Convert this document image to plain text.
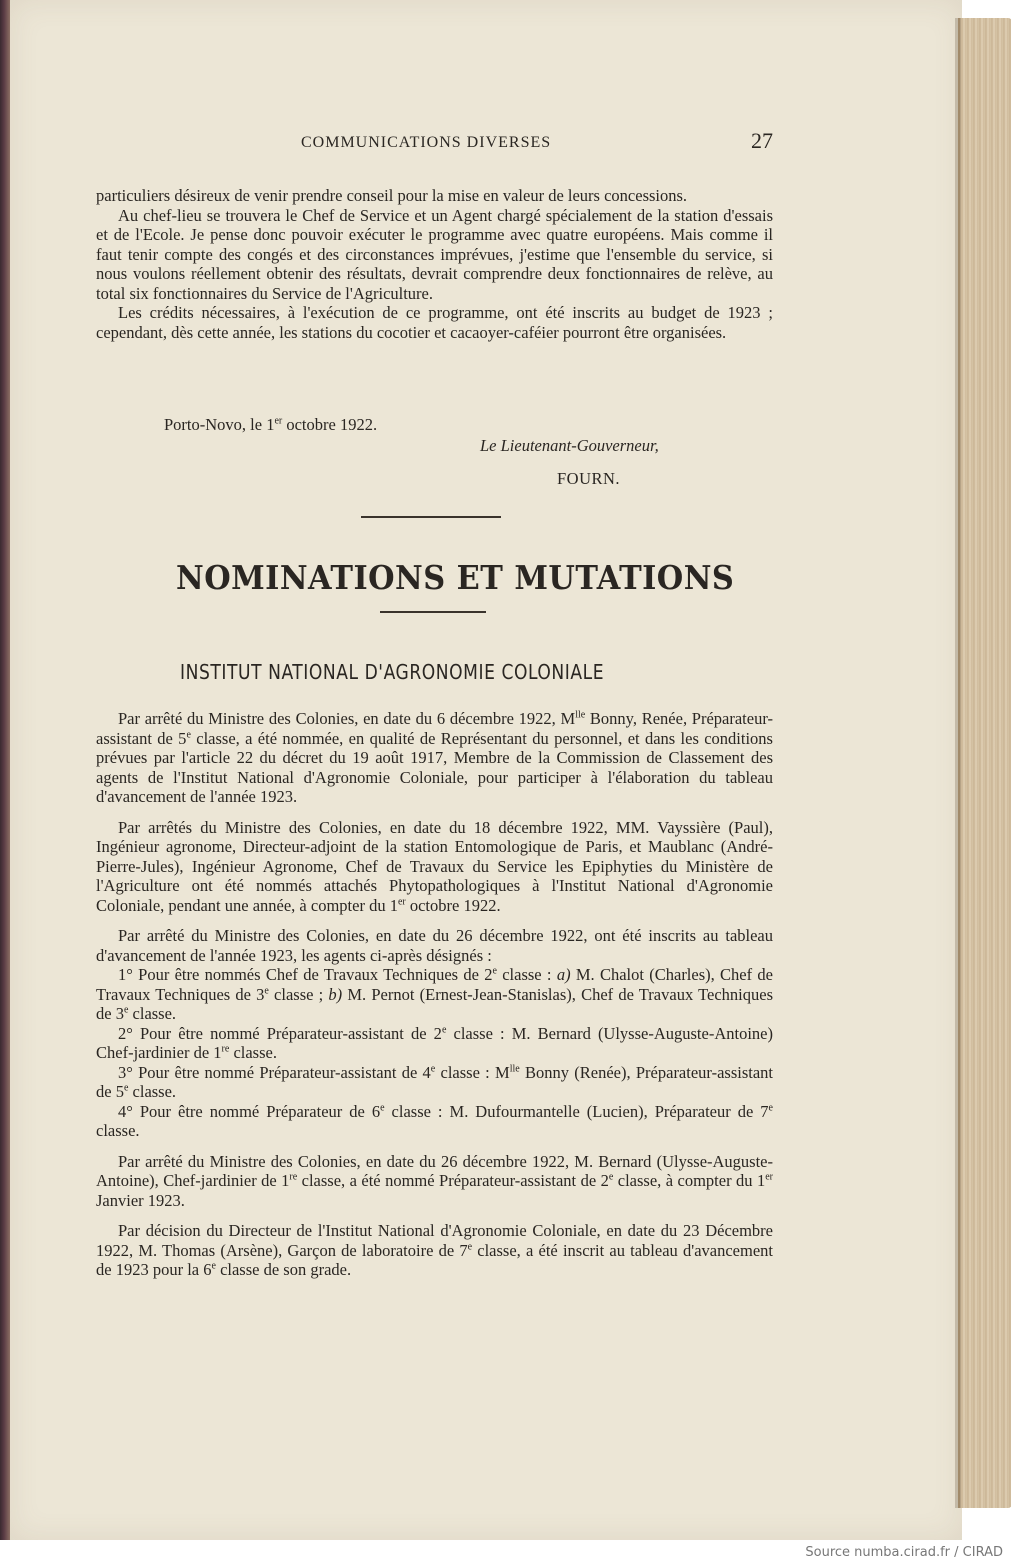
COMMUNICATIONS DIVERSES	27

particuliers désireux de venir prendre conseil pour la mise en valeur de leurs concessions.

Au chef-lieu se trouvera le Chef de Service et un Agent chargé spécialement de la station d'essais et de l'Ecole. Je pense donc pouvoir exécuter le programme avec quatre européens. Mais comme il faut tenir compte des congés et des circonstances imprévues, j'estime que l'ensemble du service, si nous voulons réellement obtenir des résultats, devrait comprendre deux fonctionnaires de relève, au total six fonctionnaires du Service de l'Agriculture.

Les crédits nécessaires, à l'exécution de ce programme, ont été inscrits au budget de 1923 ; cependant, dès cette année, les stations du cocotier et cacaoyer-caféier pourront être organisées.

Porto-Novo, le 1er octobre 1922.
Le Lieutenant-Gouverneur,
FOURN.
NOMINATIONS ET MUTATIONS
INSTITUT NATIONAL D'AGRONOMIE COLONIALE

Par arrêté du Ministre des Colonies, en date du 6 décembre 1922, $M^{lle}$ Bonny, Renée, Préparateur-assistant de 5e classe, a été nommée, en qualité de Représentant du personnel, et dans les conditions prévues par l'article 22 du décret du 19 août 1917, Membre de la Commission de Classement des agents de l'Institut National d'Agronomie Coloniale, pour participer à l'élaboration du tableau d'avancement de l'année 1923.

Par arrêtés du Ministre des Colonies, en date du 18 décembre 1922, MM. Vayssière (Paul), Ingénieur agronome, Directeur-adjoint de la station Entomologique de Paris, et Maublanc (André-Pierre-Jules), Ingénieur Agronome, Chef de Travaux du Service les Epiphyties du Ministère de l'Agriculture ont été nommés attachés Phytopathologiques à l'Institut National d'Agronomie Coloniale, pendant une année, à compter du 1er octobre 1922.

Par arrêté du Ministre des Colonies, en date du 26 décembre 1922, ont été inscrits au tableau d'avancement de l'année 1923, les agents ci-après désignés :

1° Pour être nommés Chef de Travaux Techniques de 2e classe : a) M. Chalot (Charles), Chef de Travaux Techniques de 3e classe ; b) M. Pernot (Ernest-Jean-Stanislas), Chef de Travaux Techniques de 3e classe.

2° Pour être nommé Préparateur-assistant de 2e classe : M. Bernard (Ulysse-Auguste-Antoine) Chef-jardinier de 1re classe.

3° Pour être nommé Préparateur-assistant de 4e classe : $M^{lle}$ Bonny (Renée), Préparateur-assistant de 5e classe.

4° Pour être nommé Préparateur de 6e classe : M. Dufourmantelle (Lucien), Préparateur de 7e classe.

Par arrêté du Ministre des Colonies, en date du 26 décembre 1922, M. Bernard (Ulysse-Auguste-Antoine), Chef-jardinier de 1re classe, a été nommé Préparateur-assistant de 2e classe, à compter du 1er Janvier 1923.

Par décision du Directeur de l'Institut National d'Agronomie Coloniale, en date du 23 Décembre 1922, M. Thomas (Arsène), Garçon de laboratoire de 7e classe, a été inscrit au tableau d'avancement de 1923 pour la 6e classe de son grade.

Source numba.cirad.fr / CIRAD
